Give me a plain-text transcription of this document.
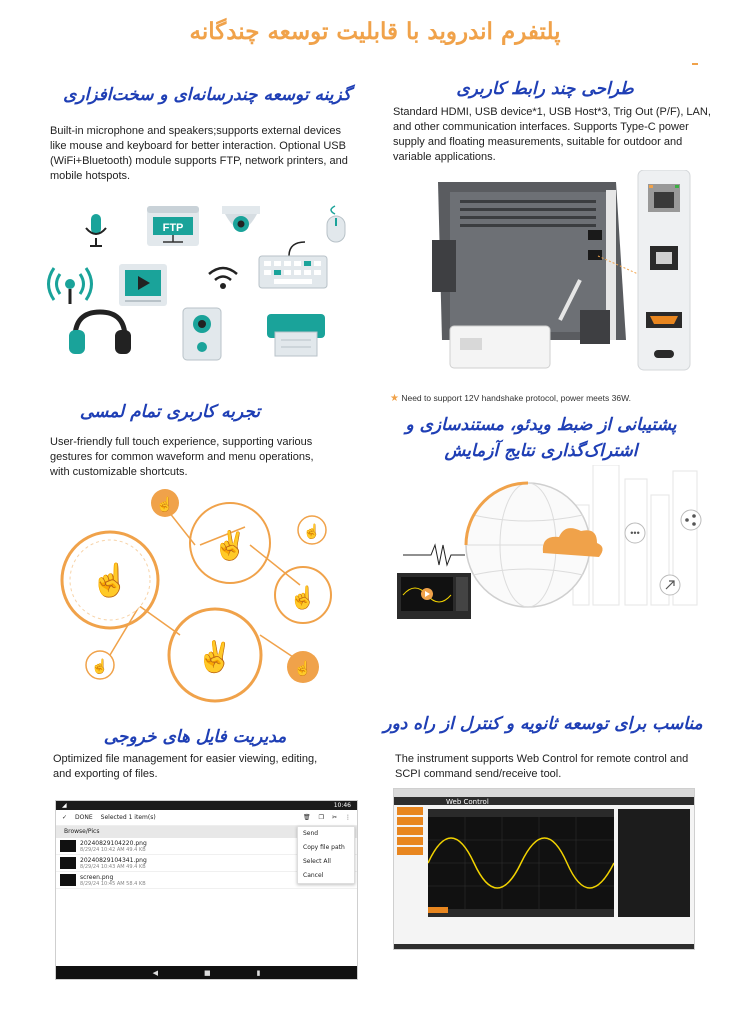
پلتفرم اندروید با قابلیت توسعه چندگانه
گزینه توسعه چندرسانه‌ای و سخت‌افزاری
Built-in microphone and speakers;supports external devices
like mouse and keyboard for better interaction. Optional USB
(WiFi+Bluetooth) module supports FTP, network printers, and
mobile hotspots.
FTP
طراحی چند رابط کاربری
Standard HDMI, USB device*1, USB Host*3, Trig Out (P/F), LAN,
and other communication interfaces. Supports Type-C power
supply and floating measurements, suitable for outdoor and
variable applications.
★ Need to support 12V handshake protocol, power meets 36W.
تجربه کاربری تمام لمسی
User-friendly full touch experience, supporting various
gestures for common waveform and menu operations,
with customizable shortcuts.
☝
✌
☝
✌
☝
☝
☝	☝
پشتیبانی از ضبط ویدئو، مستندسازی و
اشتراک‌گذاری نتایج آزمایش
•••
مدیریت فایل های خروجی
Optimized file management for easier viewing, editing,
and exporting of files.
◢	10:46
✓ DONE Selected 1 item(s)	🗑 ❐ ✂ ⋮
Browse/Pics
20240829104220.png
8/29/24 10:42 AM 49.4 KB
20240829104341.png
8/29/24 10:43 AM 49.4 KB
screen.png
8/29/24 10:45 AM 58.4 KB
Send
Copy file path
Select All
Cancel
◀	■	▮
مناسب برای توسعه ثانویه و کنترل از راه دور
The instrument supports Web Control for remote control and
SCPI command send/receive tool.
Web Control
